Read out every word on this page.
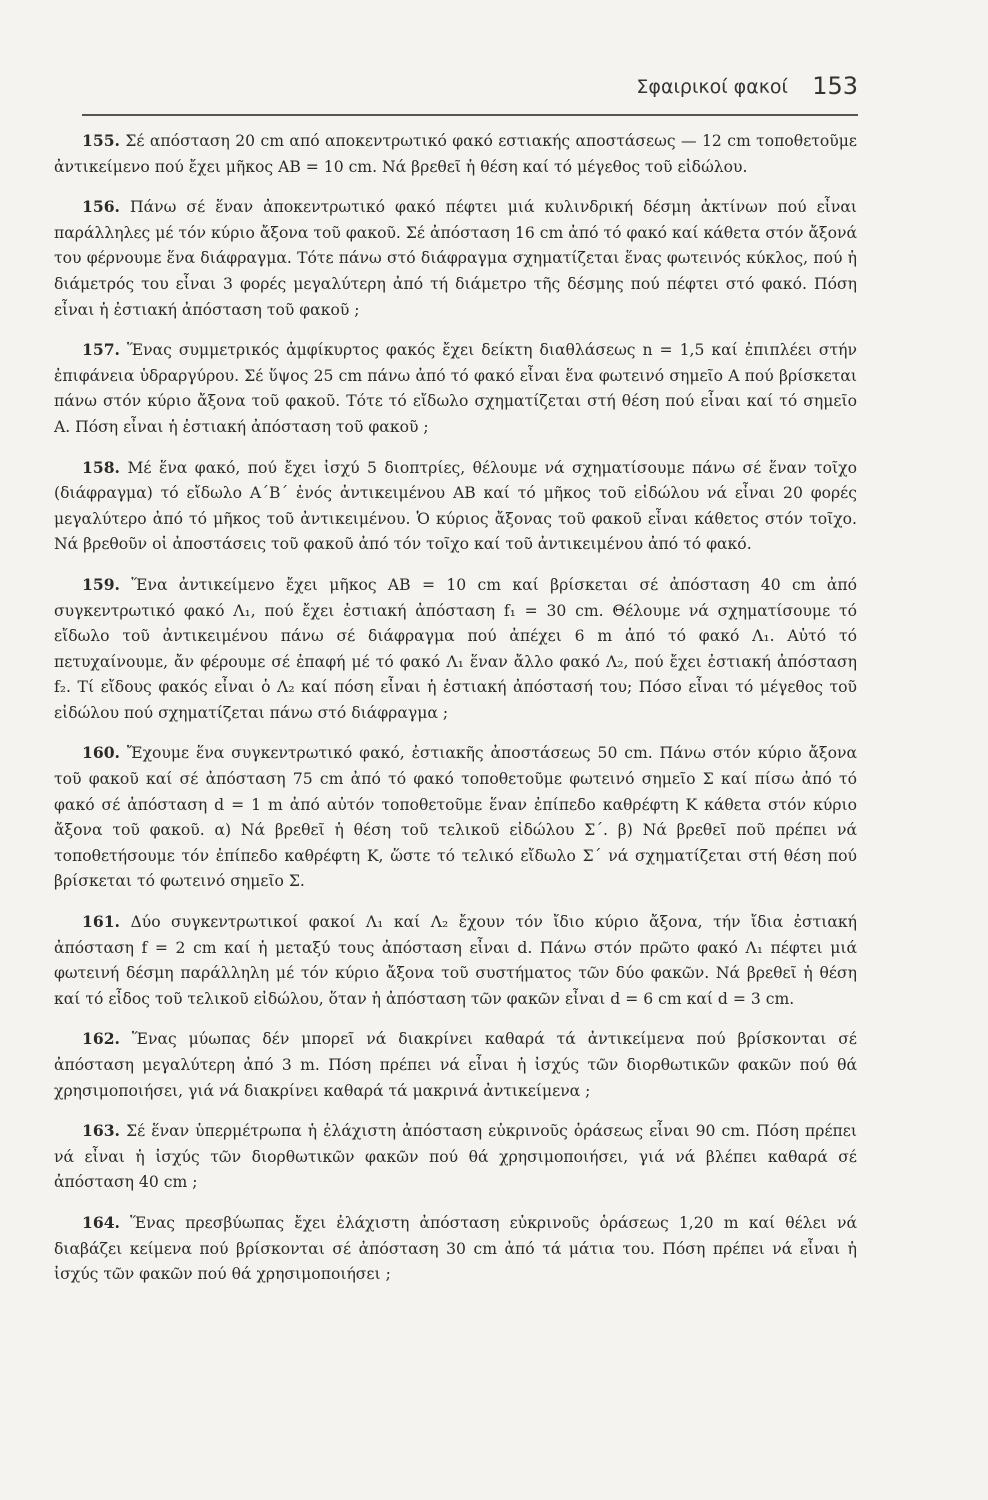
Σφαιρικοί φακοί 153

155. Σέ απόσταση 20 cm από αποκεντρωτικό φακό εστιακής αποστάσεως — 12 cm τοποθετοῦμε ἀντικείμενο πού ἔχει μῆκος ΑΒ = 10 cm. Νά βρεθεῖ ἡ θέση καί τό μέγεθος τοῦ εἰδώλου.

156. Πάνω σέ ἕναν ἀποκεντρωτικό φακό πέφτει μιά κυλινδρική δέσμη ἀκτίνων πού εἶναι παράλληλες μέ τόν κύριο ἄξονα τοῦ φακοῦ. Σέ ἀπόσταση 16 cm ἀπό τό φακό καί κάθετα στόν ἄξονά του φέρνουμε ἕνα διάφραγμα. Τότε πάνω στό διάφραγμα σχηματίζεται ἕνας φωτεινός κύκλος, πού ἡ διάμετρός του εἶναι 3 φορές μεγαλύτερη ἀπό τή διάμετρο τῆς δέσμης πού πέφτει στό φακό. Πόση εἶναι ἡ ἐστιακή ἀπόσταση τοῦ φακοῦ ;

157. Ἕνας συμμετρικός ἀμφίκυρτος φακός ἔχει δείκτη διαθλάσεως n = 1,5 καί ἐπιπλέει στήν ἐπιφάνεια ὑδραργύρου. Σέ ὕψος 25 cm πάνω ἀπό τό φακό εἶναι ἕνα φωτεινό σημεῖο Α πού βρίσκεται πάνω στόν κύριο ἄξονα τοῦ φακοῦ. Τότε τό εἴδωλο σχηματίζεται στή θέση πού εἶναι καί τό σημεῖο Α. Πόση εἶναι ἡ ἐστιακή ἀπόσταση τοῦ φακοῦ ;

158. Μέ ἕνα φακό, πού ἔχει ἰσχύ 5 διοπτρίες, θέλουμε νά σχηματίσουμε πάνω σέ ἕναν τοῖχο (διάφραγμα) τό εἴδωλο Α΄Β΄ ἑνός ἀντικειμένου ΑΒ καί τό μῆκος τοῦ εἰδώλου νά εἶναι 20 φορές μεγαλύτερο ἀπό τό μῆκος τοῦ ἀντικειμένου. Ὁ κύριος ἄξονας τοῦ φακοῦ εἶναι κάθετος στόν τοῖχο. Νά βρεθοῦν οἱ ἀποστάσεις τοῦ φακοῦ ἀπό τόν τοῖχο καί τοῦ ἀντικειμένου ἀπό τό φακό.

159. Ἕνα ἀντικείμενο ἔχει μῆκος ΑΒ = 10 cm καί βρίσκεται σέ ἀπόσταση 40 cm ἀπό συγκεντρωτικό φακό Λ₁, πού ἔχει ἐστιακή ἀπόσταση f₁ = 30 cm. Θέλουμε νά σχηματίσουμε τό εἴδωλο τοῦ ἀντικειμένου πάνω σέ διάφραγμα πού ἀπέχει 6 m ἀπό τό φακό Λ₁. Αὐτό τό πετυχαίνουμε, ἄν φέρουμε σέ ἐπαφή μέ τό φακό Λ₁ ἕναν ἄλλο φακό Λ₂, πού ἔχει ἐστιακή ἀπόσταση f₂. Τί εἴδους φακός εἶναι ὁ Λ₂ καί πόση εἶναι ἡ ἐστιακή ἀπόστασή του; Πόσο εἶναι τό μέγεθος τοῦ εἰδώλου πού σχηματίζεται πάνω στό διάφραγμα ;

160. Ἔχουμε ἕνα συγκεντρωτικό φακό, ἐστιακῆς ἀποστάσεως 50 cm. Πάνω στόν κύριο ἄξονα τοῦ φακοῦ καί σέ ἀπόσταση 75 cm ἀπό τό φακό τοποθετοῦμε φωτεινό σημεῖο Σ καί πίσω ἀπό τό φακό σέ ἀπόσταση d = 1 m ἀπό αὐτόν τοποθετοῦμε ἕναν ἐπίπεδο καθρέφτη Κ κάθετα στόν κύριο ἄξονα τοῦ φακοῦ. α) Νά βρεθεῖ ἡ θέση τοῦ τελικοῦ εἰδώλου Σ΄. β) Νά βρεθεῖ ποῦ πρέπει νά τοποθετήσουμε τόν ἐπίπεδο καθρέφτη Κ, ὥστε τό τελικό εἴδωλο Σ΄ νά σχηματίζεται στή θέση πού βρίσκεται τό φωτεινό σημεῖο Σ.

161. Δύο συγκεντρωτικοί φακοί Λ₁ καί Λ₂ ἔχουν τόν ἴδιο κύριο ἄξονα, τήν ἴδια ἐστιακή ἀπόσταση f = 2 cm καί ἡ μεταξύ τους ἀπόσταση εἶναι d. Πάνω στόν πρῶτο φακό Λ₁ πέφτει μιά φωτεινή δέσμη παράλληλη μέ τόν κύριο ἄξονα τοῦ συστήματος τῶν δύο φακῶν. Νά βρεθεῖ ἡ θέση καί τό εἶδος τοῦ τελικοῦ εἰδώλου, ὅταν ἡ ἀπόσταση τῶν φακῶν εἶναι d = 6 cm καί d = 3 cm.

162. Ἕνας μύωπας δέν μπορεῖ νά διακρίνει καθαρά τά ἀντικείμενα πού βρίσκονται σέ ἀπόσταση μεγαλύτερη ἀπό 3 m. Πόση πρέπει νά εἶναι ἡ ἰσχύς τῶν διορθωτικῶν φακῶν πού θά χρησιμοποιήσει, γιά νά διακρίνει καθαρά τά μακρινά ἀντικείμενα ;

163. Σέ ἕναν ὑπερμέτρωπα ἡ ἐλάχιστη ἀπόσταση εὐκρινοῦς ὁράσεως εἶναι 90 cm. Πόση πρέπει νά εἶναι ἡ ἰσχύς τῶν διορθωτικῶν φακῶν πού θά χρησιμοποιήσει, γιά νά βλέπει καθαρά σέ ἀπόσταση 40 cm ;

164. Ἕνας πρεσβύωπας ἔχει ἐλάχιστη ἀπόσταση εὐκρινοῦς ὁράσεως 1,20 m καί θέλει νά διαβάζει κείμενα πού βρίσκονται σέ ἀπόσταση 30 cm ἀπό τά μάτια του. Πόση πρέπει νά εἶναι ἡ ἰσχύς τῶν φακῶν πού θά χρησιμοποιήσει ;
